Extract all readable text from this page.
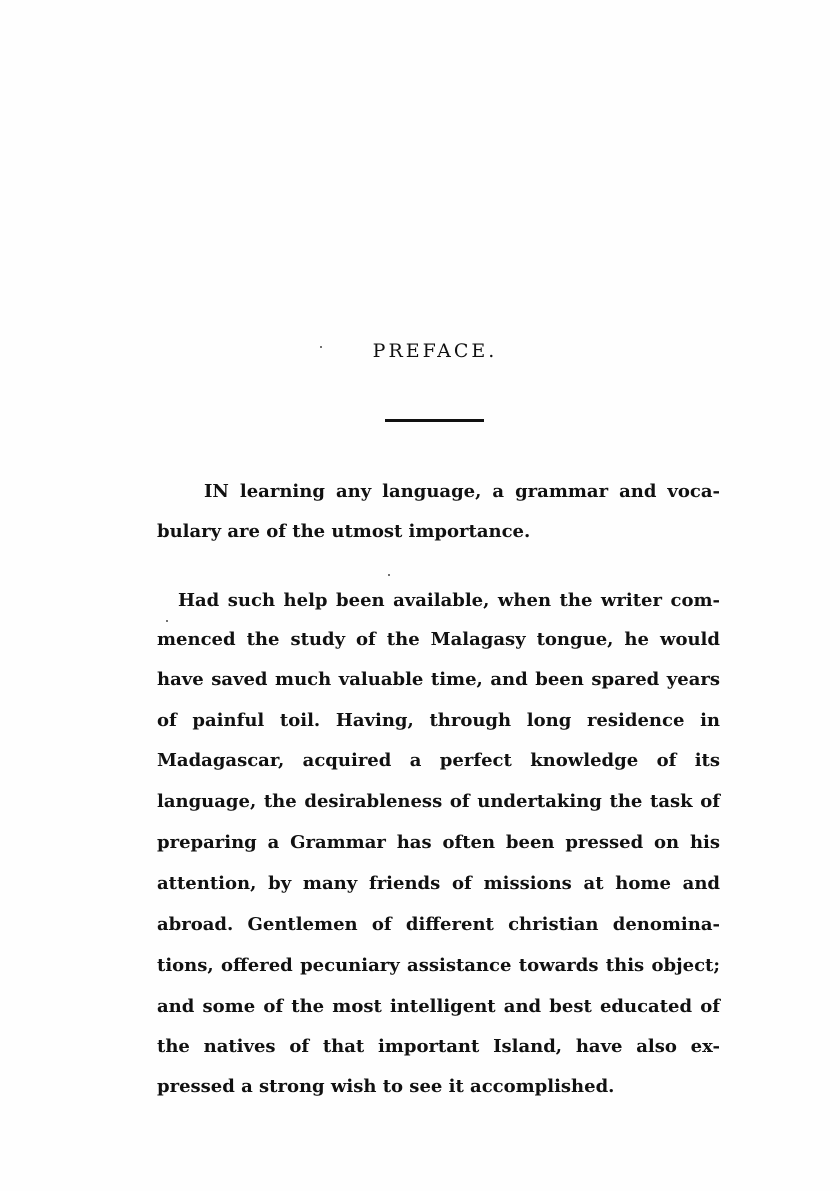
PREFACE.
IN learning any language, a grammar and voca-
bulary are of the utmost importance.
Had such help been available, when the writer com-
menced the study of the Malagasy tongue, he would
have saved much valuable time, and been spared years
of painful toil. Having, through long residence in
Madagascar, acquired a perfect knowledge of its
language, the desirableness of undertaking the task of
preparing a Grammar has often been pressed on his
attention, by many friends of missions at home and
abroad. Gentlemen of different christian denomina-
tions, offered pecuniary assistance towards this object;
and some of the most intelligent and best educated of
the natives of that important Island, have also ex-
pressed a strong wish to see it accomplished.
